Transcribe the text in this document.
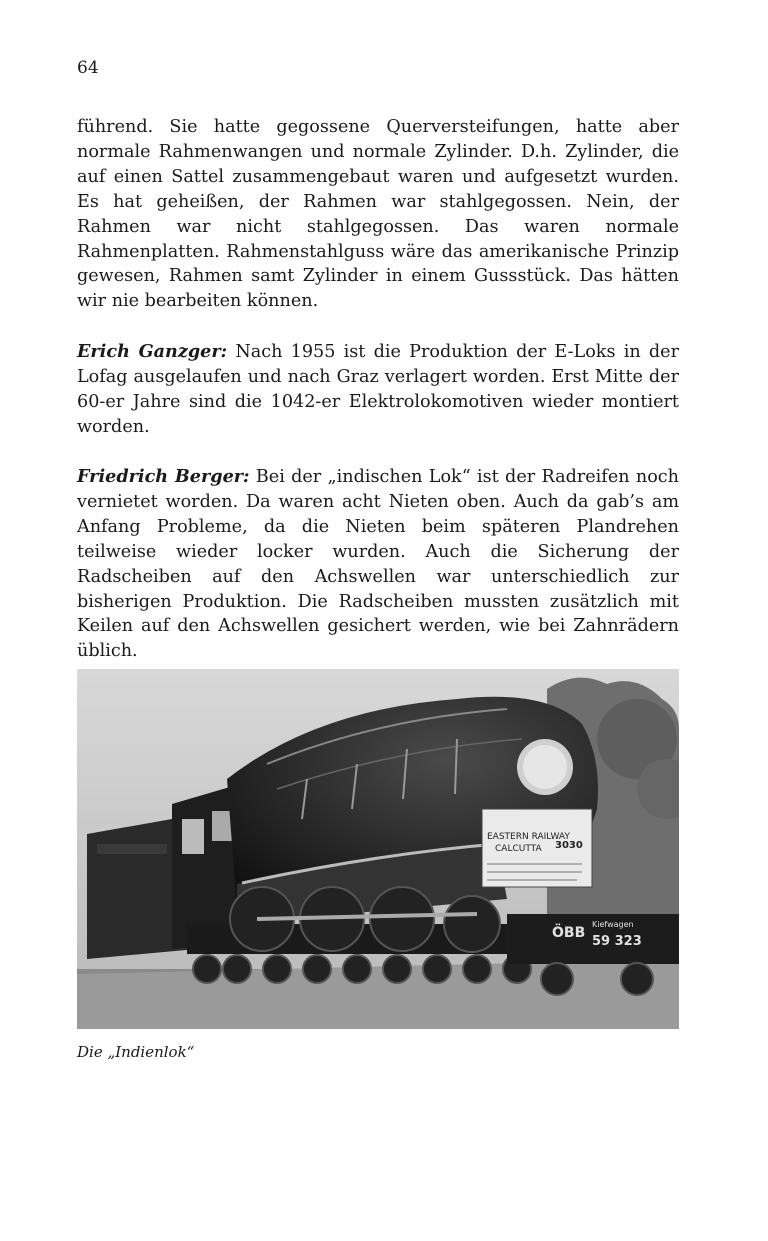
64
führend. Sie hatte gegossene Querversteifungen, hatte aber normale Rahmenwangen und normale Zylinder. D.h. Zylinder, die auf einen Sattel zusammengebaut waren und aufgesetzt wurden. Es hat geheißen, der Rahmen war stahlgegossen. Nein, der Rahmen war nicht stahlgegossen. Das waren normale Rahmenplatten. Rahmenstahlguss wäre das amerikanische Prinzip gewesen, Rahmen samt Zylinder in einem Gussstück. Das hätten wir nie bearbeiten können.
Erich Ganzger: Nach 1955 ist die Produktion der E-Loks in der Lofag ausgelaufen und nach Graz verlagert worden. Erst Mitte der 60-er Jahre sind die 1042-er Elektrolokomotiven wieder montiert worden.
Friedrich Berger: Bei der „indischen Lok“ ist der Radreifen noch vernietet worden. Da waren acht Nieten oben. Auch da gab’s am Anfang Probleme, da die Nieten beim späteren Plandrehen teilweise wieder locker wurden. Auch die Sicherung der Radscheiben auf den Achswellen war unterschiedlich zur bisherigen Produktion. Die Radscheiben mussten zusätzlich mit Keilen auf den Achswellen gesichert werden, wie bei Zahnrädern üblich.
EASTERN RAILWAY
CALCUTTA 3030
ÖBB
Kiefwagen
59 323
Die „Indienlok“
